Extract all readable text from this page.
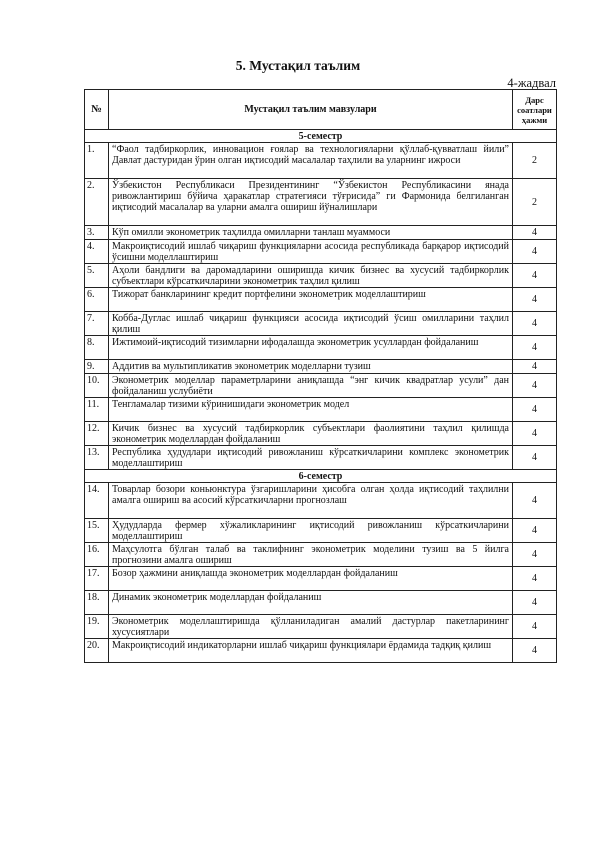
5. Мустақил таълим
4-жадвал
№	Мустақил таълим мавзулари	Дарс соатлари ҳажми
5-семестр		
1.	“Фаол тадбиркорлик, инновацион ғоялар ва технологияларни қўллаб-қувватлаш йили” Давлат дастуридан ўрин олган иқтисодий масалалар таҳлили ва уларнинг ижроси	2
2.	Ўзбекистон Республикаси Президентининг “Ўзбекистон Республикасини янада ривожлантириш бўйича ҳаракатлар стратегияси тўғрисида” ги Фармонида белгиланган иқтисодий масалалар ва уларни амалга ошириш йўналишлари	2
3.	Кўп омилли эконометрик таҳлилда омилларни танлаш муаммоси	4
4.	Макроиқтисодий ишлаб чиқариш функцияларни асосида республикада барқарор иқтисодий ўсишни моделлаштириш	4
5.	Аҳоли бандлиги ва даромадларини оширишда кичик бизнес ва хусусий тадбиркорлик субъектлари кўрсаткичларини эконометрик таҳлил қилиш	4
6.	Тижорат банкларининг кредит портфелини эконометрик моделлаштириш	4
7.	Кобба-Дуглас ишлаб чиқариш функцияси асосида иқтисодий ўсиш омилларини таҳлил қилиш	4
8.	Ижтимоий-иқтисодий тизимларни ифодалашда эконометрик усуллардан фойдаланиш	4
9.	Аддитив ва мультипликатив эконометрик моделларни тузиш	4
10.	Эконометрик моделлар параметрларини аниқлашда “энг кичик квадратлар усули” дан фойдаланиш услубиёти	4
11.	Тенгламалар тизими кўринишидаги эконометрик модел	4
12.	Кичик бизнес ва хусусий тадбиркорлик субъектлари фаолиятини таҳлил қилишда эконометрик моделлардан фойдаланиш	4
13.	Республика ҳудудлари иқтисодий ривожланиш кўрсаткичларини комплекс эконометрик моделлаштириш	4
6-семестр		
14.	Товарлар бозори коньюнктура ўзгаришларини ҳисобга олган ҳолда иқтисодий таҳлилни амалга ошириш ва асосий кўрсаткичларни прогнозлаш	4
15.	Ҳудудларда фермер хўжаликларининг иқтисодий ривожланиш кўрсаткичларини моделлаштириш	4
16.	Маҳсулотга бўлган талаб ва таклифнинг эконометрик моделини тузиш ва 5 йилга прогнозини амалга ошириш	4
17.	Бозор ҳажмини аниқлашда эконометрик моделлардан фойдаланиш	4
18.	Динамик эконометрик моделлардан фойдаланиш	4
19.	Эконометрик моделлаштиришда қўлланиладиган амалий дастурлар пакетларининг хусусиятлари	4
20.	Макроиқтисодий индикаторларни ишлаб чиқариш функциялари ёрдамида тадқиқ қилиш	4
